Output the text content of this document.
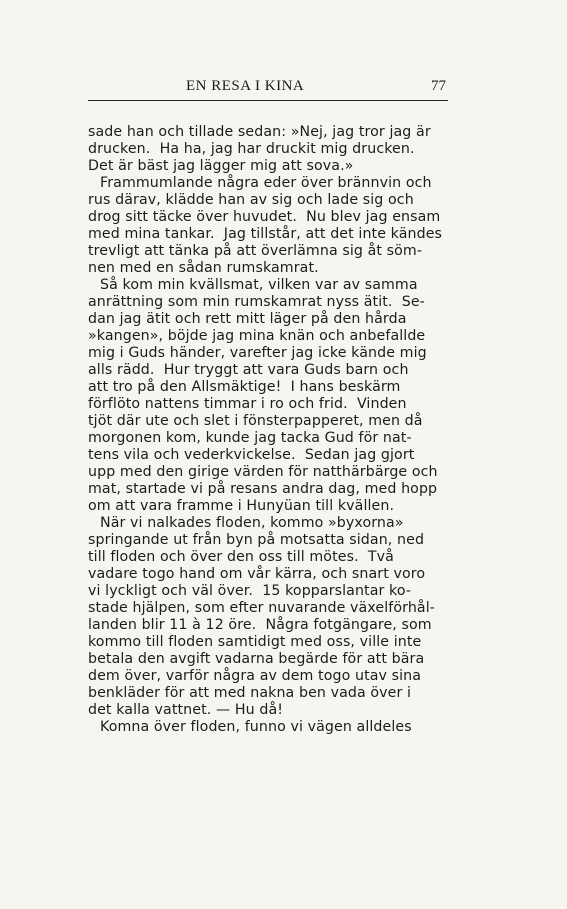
EN RESA I KINA	77
sade han och tillade sedan: »Nej, jag tror jag är
drucken.  Ha ha, jag har druckit mig drucken.
Det är bäst jag lägger mig att sova.»
Frammumlande några eder över brännvin och
rus därav, klädde han av sig och lade sig och
drog sitt täcke över huvudet.  Nu blev jag ensam
med mina tankar.  Jag tillstår, att det inte kändes
trevligt att tänka på att överlämna sig åt söm-
nen med en sådan rumskamrat.
Så kom min kvällsmat, vilken var av samma
anrättning som min rumskamrat nyss ätit.  Se-
dan jag ätit och rett mitt läger på den hårda
»kangen», böjde jag mina knän och anbefallde
mig i Guds händer, varefter jag icke kände mig
alls rädd.  Hur tryggt att vara Guds barn och
att tro på den Allsmäktige!  I hans beskärm
förflöto nattens timmar i ro och frid.  Vinden
tjöt där ute och slet i fönsterpapperet, men då
morgonen kom, kunde jag tacka Gud för nat-
tens vila och vederkvickelse.  Sedan jag gjort
upp med den girige värden för natthärbärge och
mat, startade vi på resans andra dag, med hopp
om att vara framme i Hunyüan till kvällen.
När vi nalkades floden, kommo »byxorna»
springande ut från byn på motsatta sidan, ned
till floden och över den oss till mötes.  Två
vadare togo hand om vår kärra, och snart voro
vi lyckligt och väl över.  15 kopparslantar ko-
stade hjälpen, som efter nuvarande växelförhål-
landen blir 11 à 12 öre.  Några fotgängare, som
kommo till floden samtidigt med oss, ville inte
betala den avgift vadarna begärde för att bära
dem över, varför några av dem togo utav sina
benkläder för att med nakna ben vada över i
det kalla vattnet. — Hu då!
Komna över floden, funno vi vägen alldeles
